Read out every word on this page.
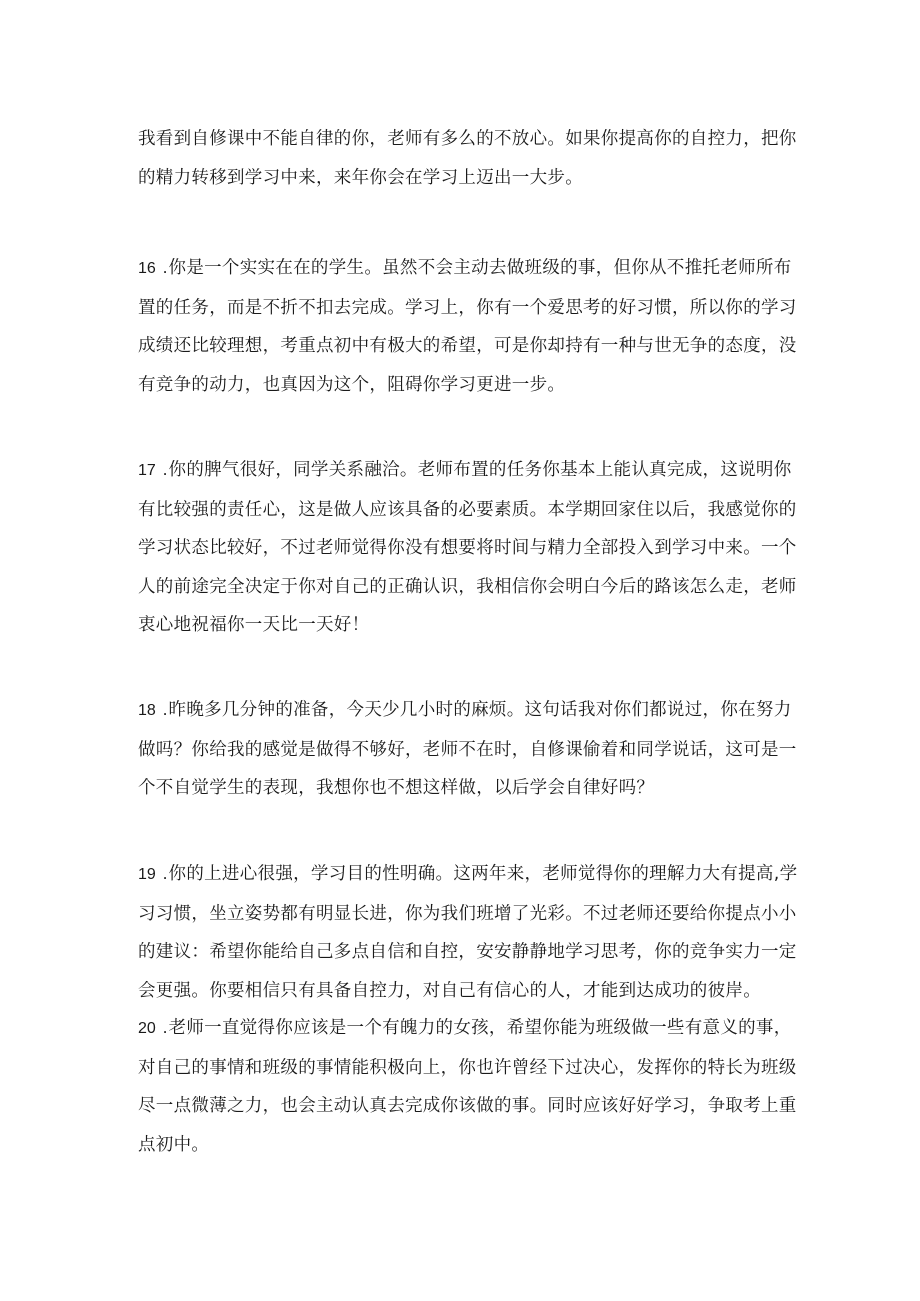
我看到自修课中不能自律的你，老师有多么的不放心。如果你提高你的自控力，把你的精力转移到学习中来，来年你会在学习上迈出一大步。

16 .你是一个实实在在的学生。虽然不会主动去做班级的事，但你从不推托老师所布置的任务，而是不折不扣去完成。学习上，你有一个爱思考的好习惯，所以你的学习成绩还比较理想，考重点初中有极大的希望，可是你却持有一种与世无争的态度，没有竞争的动力，也真因为这个，阻碍你学习更进一步。

17 .你的脾气很好，同学关系融洽。老师布置的任务你基本上能认真完成，这说明你有比较强的责任心，这是做人应该具备的必要素质。本学期回家住以后，我感觉你的学习状态比较好，不过老师觉得你没有想要将时间与精力全部投入到学习中来。一个人的前途完全决定于你对自己的正确认识，我相信你会明白今后的路该怎么走，老师衷心地祝福你一天比一天好！

18 .昨晚多几分钟的准备，今天少几小时的麻烦。这句话我对你们都说过，你在努力做吗？你给我的感觉是做得不够好，老师不在时，自修课偷着和同学说话，这可是一个不自觉学生的表现，我想你也不想这样做，以后学会自律好吗？

19 .你的上进心很强，学习目的性明确。这两年来，老师觉得你的理解力大有提高,学习习惯，坐立姿势都有明显长进，你为我们班增了光彩。不过老师还要给你提点小小的建议：希望你能给自己多点自信和自控，安安静静地学习思考，你的竞争实力一定会更强。你要相信只有具备自控力，对自己有信心的人，才能到达成功的彼岸。

20 .老师一直觉得你应该是一个有魄力的女孩，希望你能为班级做一些有意义的事，对自己的事情和班级的事情能积极向上，你也许曾经下过决心，发挥你的特长为班级尽一点微薄之力，也会主动认真去完成你该做的事。同时应该好好学习，争取考上重点初中。
